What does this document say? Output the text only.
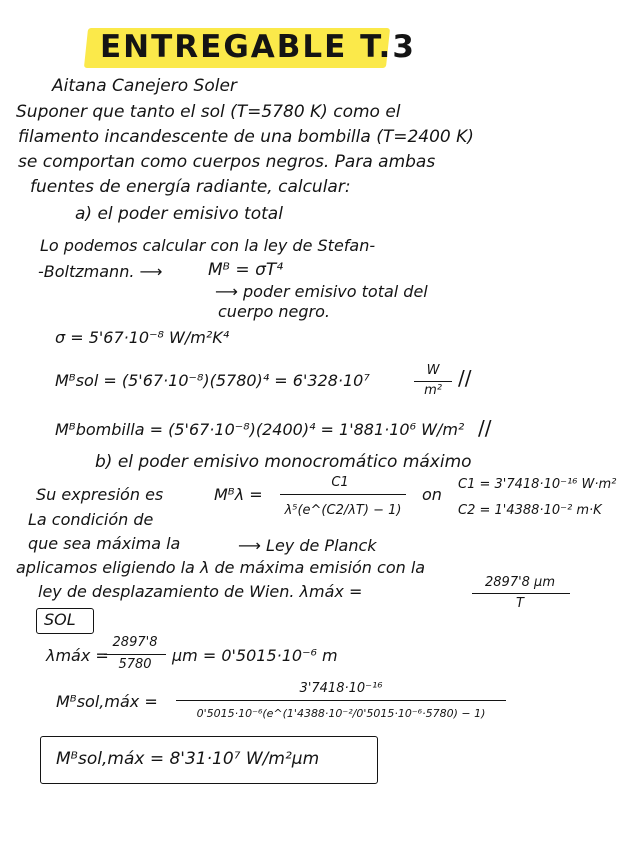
ENTREGABLE T.3
Aitana Canejero Soler
Suponer que tanto el sol (T=5780 K) como el
filamento incandescente de una bombilla (T=2400 K)
se comportan como cuerpos negros. Para ambas
fuentes de energía radiante, calcular:
a) el poder emisivo total
Lo podemos calcular con la ley de Stefan-
-Boltzmann. ⟶	Mᴮ = σT⁴
⟶ poder emisivo total del
cuerpo negro.
σ = 5'67·10⁻⁸ W/m²K⁴
Mᴮsol = (5'67·10⁻⁸)(5780)⁴ = 6'328·10⁷
W
m²
//
Mᴮbombilla = (5'67·10⁻⁸)(2400)⁴ = 1'881·10⁶ W/m² //
b) el poder emisivo monocromático máximo
Su expresión es	Mᴮλ =
C1
λ⁵(e^(C2/λT) − 1)
on
C1 = 3'7418·10⁻¹⁶ W·m²
C2 = 1'4388·10⁻² m·K
La condición de
que sea máxima la	⟶ Ley de Planck
aplicamos eligiendo la λ de máxima emisión con la
ley de desplazamiento de Wien. λmáx =	2897'8 μm
T
SOL
λmáx =
2897'8
5780	μm = 0'5015·10⁻⁶ m
Mᴮsol,máx =
3'7418·10⁻¹⁶
0'5015·10⁻⁶(e^(1'4388·10⁻²/0'5015·10⁻⁶·5780) − 1)
Mᴮsol,máx = 8'31·10⁷ W/m²μm
